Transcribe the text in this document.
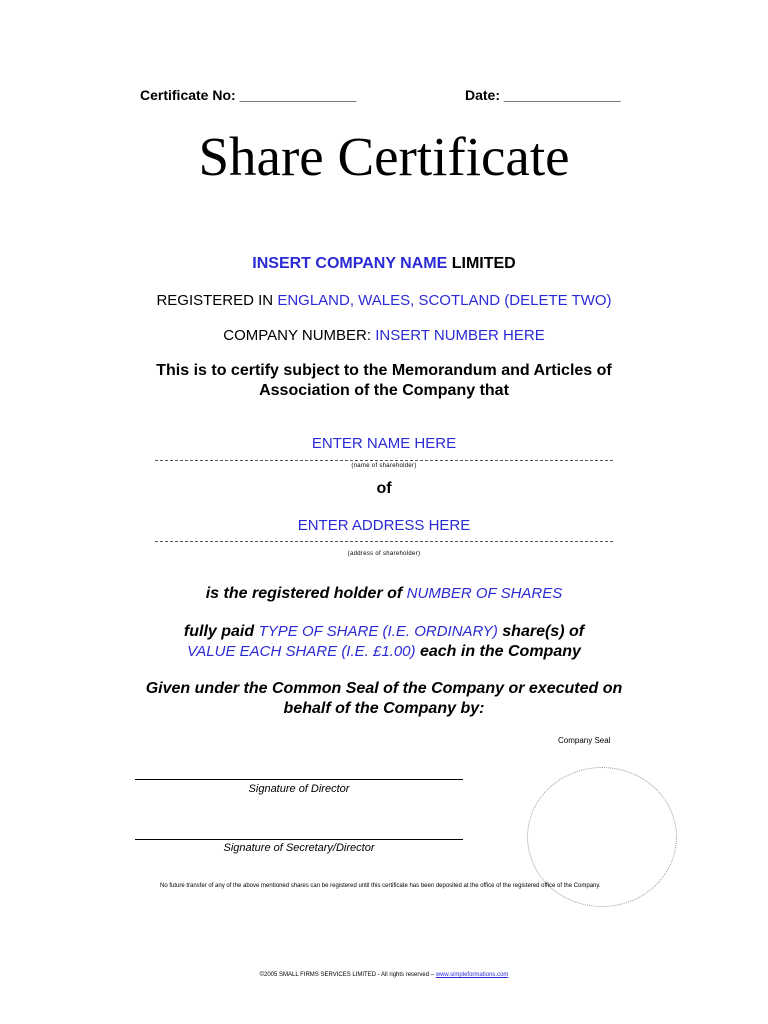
Certificate No: _______________	Date: _______________
Share Certificate
INSERT COMPANY NAME LIMITED
REGISTERED IN ENGLAND, WALES, SCOTLAND (DELETE TWO)
COMPANY NUMBER: INSERT NUMBER HERE
This is to certify subject to the Memorandum and Articles of Association of the Company that
ENTER NAME HERE
(name of shareholder)
of
ENTER ADDRESS HERE
(address of shareholder)
is the registered holder of NUMBER OF SHARES
fully paid TYPE OF SHARE (I.E. ORDINARY) share(s) of
VALUE EACH SHARE (I.E. £1.00) each in the Company
Given under the Common Seal of the Company or executed on behalf of the Company by:
Company Seal
Signature of Director
Signature of Secretary/Director
No future transfer of any of the above mentioned shares can be registered until this certificate has been deposited at the office of the registered office of the Company.
©2005 SMALL FIRMS SERVICES LIMITED - All rights reserved – www.simpleformations.com
